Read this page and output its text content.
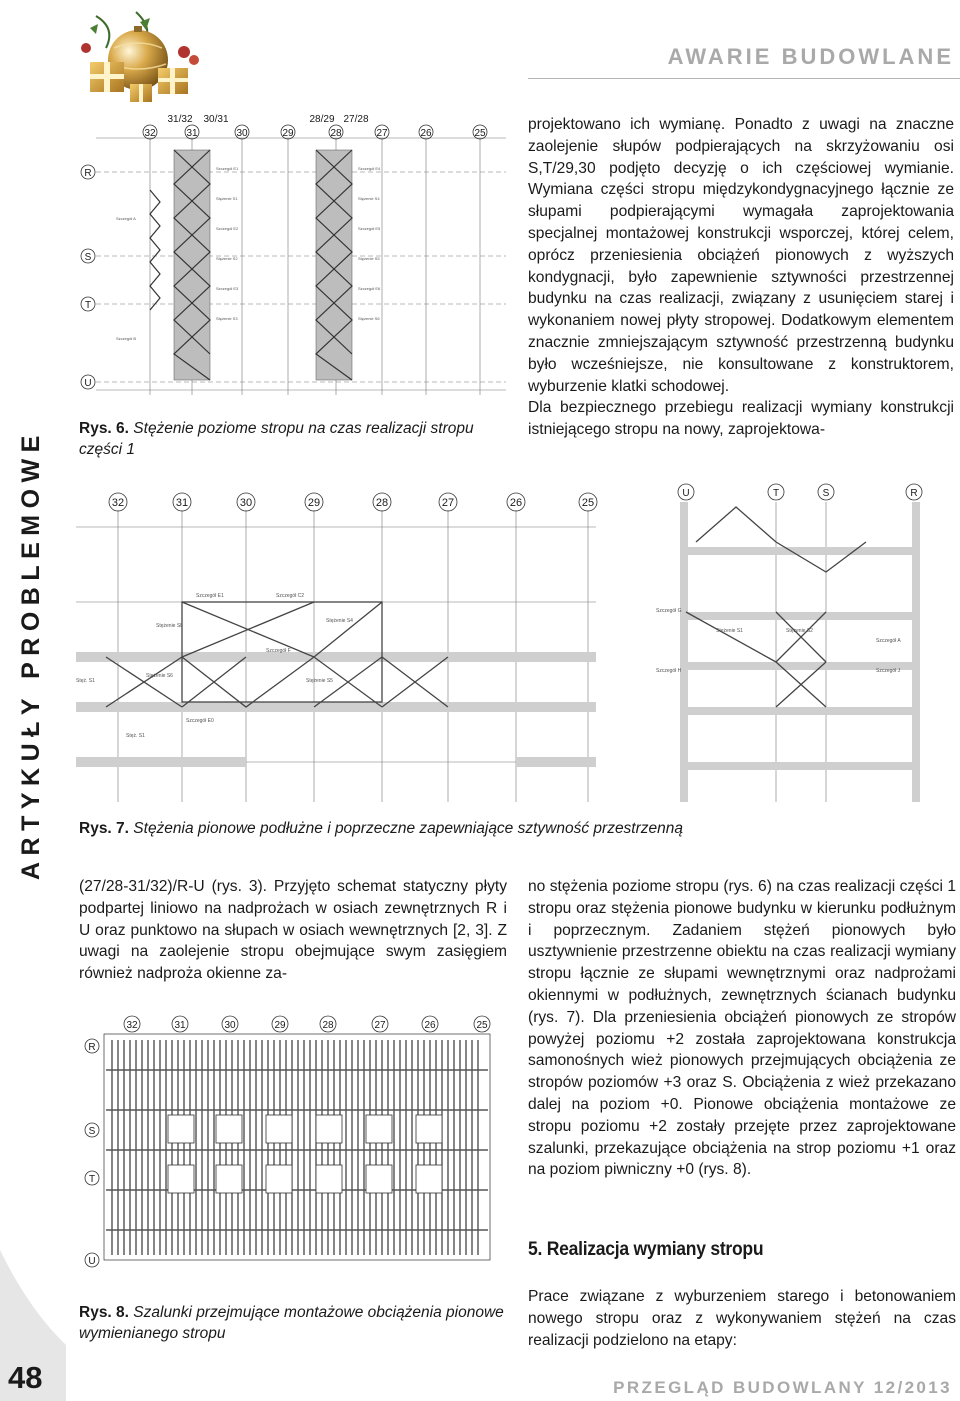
ARTYKUŁY PROBLEMOWE
AWARIE BUDOWLANE
Szczegół E1
Stężenie S1
Szczegół E2
Stężenie S2
Szczegół E3
Stężenie S3
Szczegół E4
Stężenie S4
Szczegół E5
Stężenie S5
Szczegół E6
Stężenie S6
Szczegół A
Szczegół B
32	31	30	29	28	27	26	25
31/32 30/31	28/29 27/28
R
S
T
U
Rys. 6. Stężenie poziome stropu na czas realizacji stropu części 1

projektowano ich wymianę. Ponadto z uwagi na znaczne zaolejenie słupów podpierających na skrzyżowaniu osi S,T/29,30 podjęto decyzję o ich częściowej wymianie. Wymiana części stropu międzykondygnacyjnego łącznie ze słupami podpierającymi wymagała zaprojektowania specjalnej montażowej konstrukcji wsporczej, której celem, oprócz przeniesienia obciążeń pionowych z wyższych kondygnacji, było zapewnienie sztywności przestrzennej budynku na czas realizacji, związany z usunięciem starej i wykonaniem nowej płyty stropowej. Dodatkowym elementem znacznie zmniejszającym sztywność przestrzenną budynku było wcześniejsze, nie konsultowane z konstruktorem, wyburzenie klatki schodowej.

Dla bezpiecznego przebiegu realizacji wymiany konstrukcji istniejącego stropu na nowy, zaprojektowa-

Szczegół E1	Szczegół C2
Stężenie S4
Stężenie S8
Stężenie S6
Szczegół F
Stężenie S5
Szczegół E0
Stęż. S1
Stęż. S1
32	31	30	29	28	27	26	25
Szczegół G
Stężenie S1	Stężenie S2
Szczegół A
Szczegół H	Szczegół J
U	T	S	R
Rys. 7. Stężenia pionowe podłużne i poprzeczne zapewniające sztywność przestrzenną

(27/28-31/32)/R-U (rys. 3). Przyjęto schemat statyczny płyty podpartej liniowo na nadprożach w osiach zewnętrznych R i U oraz punktowo na słupach w osiach wewnętrznych [2, 3]. Z uwagi na zaolejenie stropu obejmujące swym zasięgiem również nadproża okienne za-

32	31	30	29	28	27	26	25
R
S
T
U
Rys. 8. Szalunki przejmujące montażowe obciążenia pionowe wymienianego stropu

no stężenia poziome stropu (rys. 6) na czas realizacji części 1 stropu oraz stężenia pionowe budynku w kierunku podłużnym i poprzecznym. Zadaniem stężeń pionowych było usztywnienie przestrzenne obiektu na czas realizacji wymiany stropu łącznie ze słupami wewnętrznymi oraz nadprożami okiennymi w podłużnych, zewnętrznych ścianach budynku (rys. 7). Dla przeniesienia obciążeń pionowych ze stropów powyżej poziomu +2 została zaprojektowana konstrukcja samonośnych wież pionowych przejmujących obciążenia ze stropów poziomów +3 oraz S. Obciążenia z wież przekazano dalej na poziom +0. Pionowe obciążenia montażowe ze stropu poziomu +2 zostały przejęte przez zaprojektowane szalunki, przekazujące obciążenia na strop poziomu +1 oraz na poziom piwniczny +0 (rys. 8).

5. Realizacja wymiany stropu

Prace związane z wyburzeniem starego i betonowaniem nowego stropu oraz z wykonywaniem stężeń na czas realizacji podzielono na etapy:

48	PRZEGLĄD BUDOWLANY 12/2013
